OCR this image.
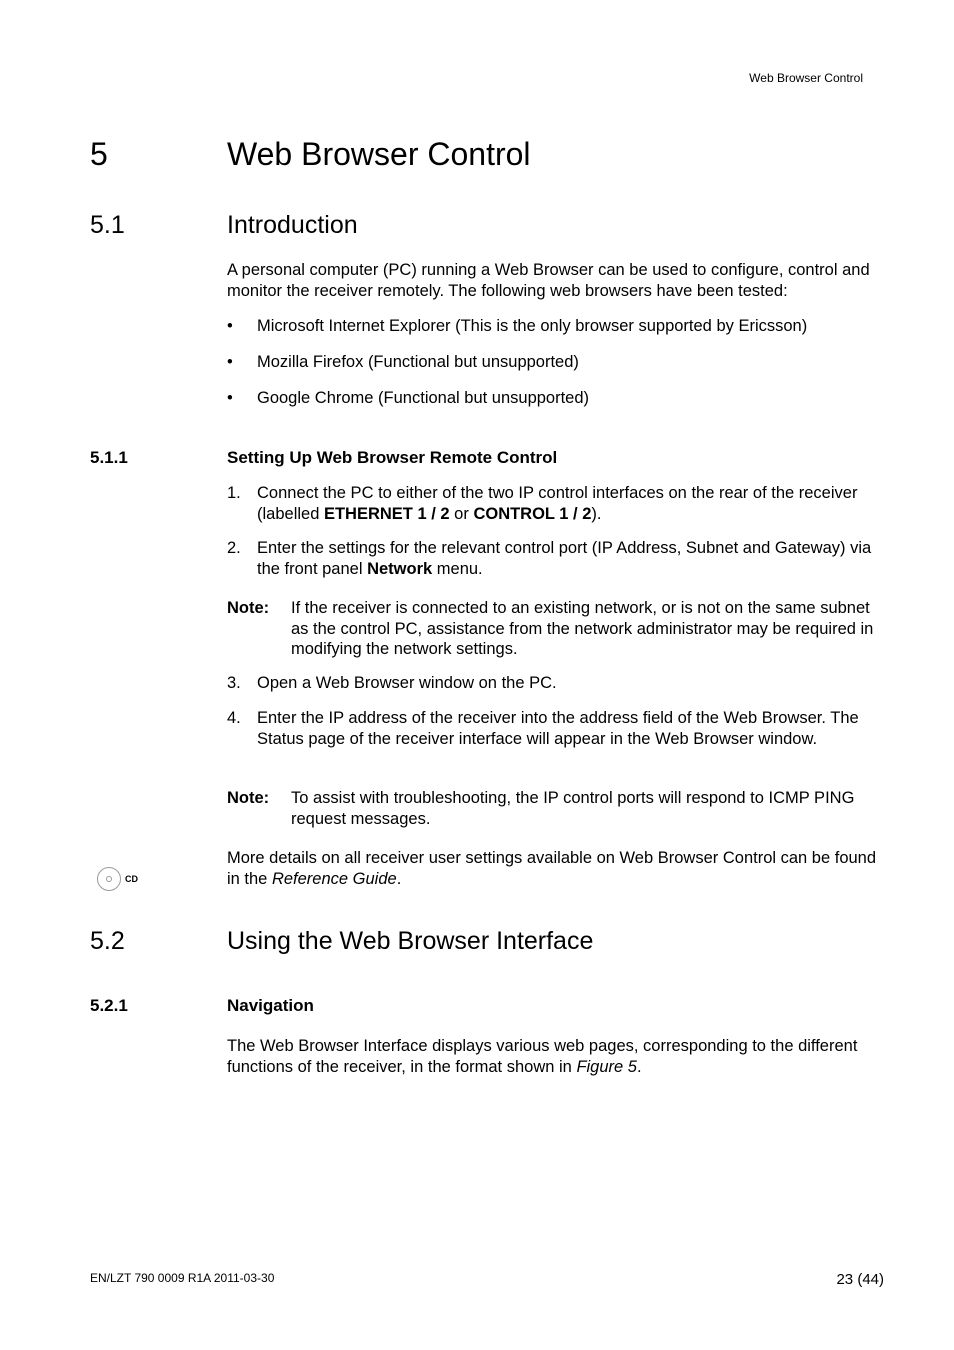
Web Browser Control
5	Web Browser Control
5.1	Introduction
A personal computer (PC) running a Web Browser can be used to configure, control and monitor the receiver remotely. The following web browsers have been tested:
• Microsoft Internet Explorer (This is the only browser supported by Ericsson)
• Mozilla Firefox (Functional but unsupported)
• Google Chrome (Functional but unsupported)
5.1.1	Setting Up Web Browser Remote Control
1. Connect the PC to either of the two IP control interfaces on the rear of the receiver (labelled ETHERNET 1 / 2 or CONTROL 1 / 2).
2. Enter the settings for the relevant control port (IP Address, Subnet and Gateway) via the front panel Network menu.
Note: If the receiver is connected to an existing network, or is not on the same subnet as the control PC, assistance from the network administrator may be required in modifying the network settings.
3. Open a Web Browser window on the PC.
4. Enter the IP address of the receiver into the address field of the Web Browser. The Status page of the receiver interface will appear in the Web Browser window.
Note: To assist with troubleshooting, the IP control ports will respond to ICMP PING request messages.
CD
More details on all receiver user settings available on Web Browser Control can be found in the Reference Guide.
5.2	Using the Web Browser Interface
5.2.1	Navigation
The Web Browser Interface displays various web pages, corresponding to the different functions of the receiver, in the format shown in Figure 5.
EN/LZT 790 0009 R1A 2011-03-30	23 (44)
